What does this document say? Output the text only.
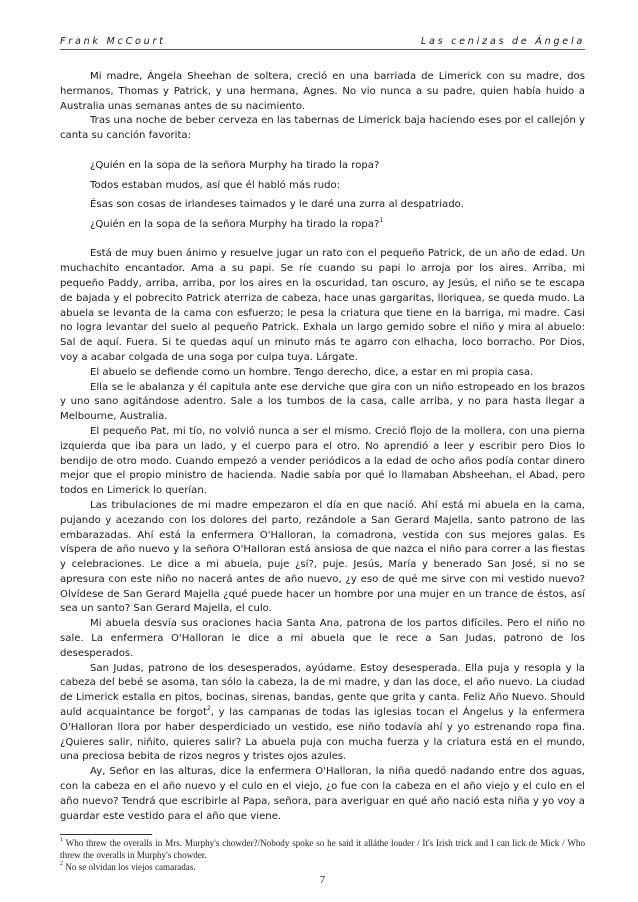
Frank McCourt	Las cenizas de Ángela

Mi madre, Ángela Sheehan de soltera, creció en una barriada de Limerick con su madre, dos hermanos, Thomas y Patrick, y una hermana, Agnes. No vio nunca a su padre, quien había huido a Australia unas semanas antes de su nacimiento.

Tras una noche de beber cerveza en las tabernas de Limerick baja haciendo eses por el callejón y canta su canción favorita:

¿Quién en la sopa de la señora Murphy ha tirado la ropa?

Todos estaban mudos, así que él habló más rudo:

Ésas son cosas de irlandeses taimados y le daré una zurra al despatriado.

¿Quién en la sopa de la señora Murphy ha tirado la ropa?$^1$

Está de muy buen ánimo y resuelve jugar un rato con el pequeño Patrick, de un año de edad. Un muchachito encantador. Ama a su papi. Se ríe cuando su papi lo arroja por los aires. Arriba, mi pequeño Paddy, arriba, arriba, por los aires en la oscuridad, tan oscuro, ay Jesús, el niño se te escapa de bajada y el pobrecito Patrick aterriza de cabeza, hace unas gargaritas, lloriquea, se queda mudo. La abuela se levanta de la cama con esfuerzo; le pesa la criatura que tiene en la barriga, mi madre. Casi no logra levantar del suelo al pequeño Patrick. Exhala un largo gemido sobre el niño y mira al abuelo: Sal de aquí. Fuera. Si te quedas aquí un minuto más te agarro con elhacha, loco borracho. Por Dios, voy a acabar colgada de una soga por culpa tuya. Lárgate.

El abuelo se defiende como un hombre. Tengo derecho, dice, a estar en mi propia casa.

Ella se le abalanza y él capitula ante ese derviche que gira con un niño estropeado en los brazos y uno sano agitándose adentro. Sale a los tumbos de la casa, calle arriba, y no para hasta llegar a Melbourne, Australia.

El pequeño Pat, mi tío, no volvió nunca a ser el mismo. Creció flojo de la mollera, con una pierna izquierda que iba para un lado, y el cuerpo para el otro. No aprendió a leer y escribir pero Dios lo bendijo de otro modo. Cuando empezó a vender periódicos a la edad de ocho años podía contar dinero mejor que el propio ministro de hacienda. Nadie sabía por qué lo llamaban Absheehan, el Abad, pero todos en Limerick lo querían.

Las tribulaciones de mi madre empezaron el día en que nació. Ahí está mi abuela en la cama, pujando y acezando con los dolores del parto, rezándole a San Gerard Majella, santo patrono de las embarazadas. Ahí está la enfermera O'Halloran, la comadrona, vestida con sus mejores galas. Es víspera de año nuevo y la señora O'Halloran está ansiosa de que nazca el niño para correr a las fiestas y celebraciones. Le dice a mi abuela, puje ¿sí?, puje. Jesús, María y benerado San José, si no se apresura con este niño no nacerá antes de año nuevo, ¿y eso de qué me sirve con mi vestido nuevo? Olvídese de San Gerard Majella ¿qué puede hacer un hombre por una mujer en un trance de éstos, así sea un santo? San Gerard Majella, el culo.

Mi abuela desvía sus oraciones hacia Santa Ana, patrona de los partos difíciles. Pero el niño no sale. La enfermera O'Halloran le dice a mi abuela que le rece a San Judas, patrono de los desesperados.

San Judas, patrono de los desesperados, ayúdame. Estoy desesperada. Ella puja y resopla y la cabeza del bebé se asoma, tan sólo la cabeza, la de mi madre, y dan las doce, el año nuevo. La ciudad de Limerick estalla en pitos, bocinas, sirenas, bandas, gente que grita y canta. Feliz Año Nuevo. Should auld acquaintance be forgot$^2$, y las campanas de todas las iglesias tocan el Ángelus y la enfermera O'Halloran llora por haber desperdiciado un vestido, ese niño todavía ahí y yo estrenando ropa fina. ¿Quieres salir, niñito, quieres salir? La abuela puja con mucha fuerza y la criatura está en el mundo, una preciosa bebita de rizos negros y tristes ojos azules.

Ay, Señor en las alturas, dice la enfermera O'Halloran, la niña quedó nadando entre dos aguas, con la cabeza en el año nuevo y el culo en el viejo, ¿o fue con la cabeza en el año viejo y el culo en el año nuevo? Tendrá que escribirle al Papa, señora, para averiguar en qué año nació esta niña y yo voy a guardar este vestido para el año que viene.

$^1$ Who threw the overalls in Mrs. Murphy's chowder?/Nobody spoke so he said it alláthe louder / It's Irish trick and I can lick de Mick / Who threw the overalls in Murphy's chowder.

$^2$ No se olvidan los viejos camaradas.

7
